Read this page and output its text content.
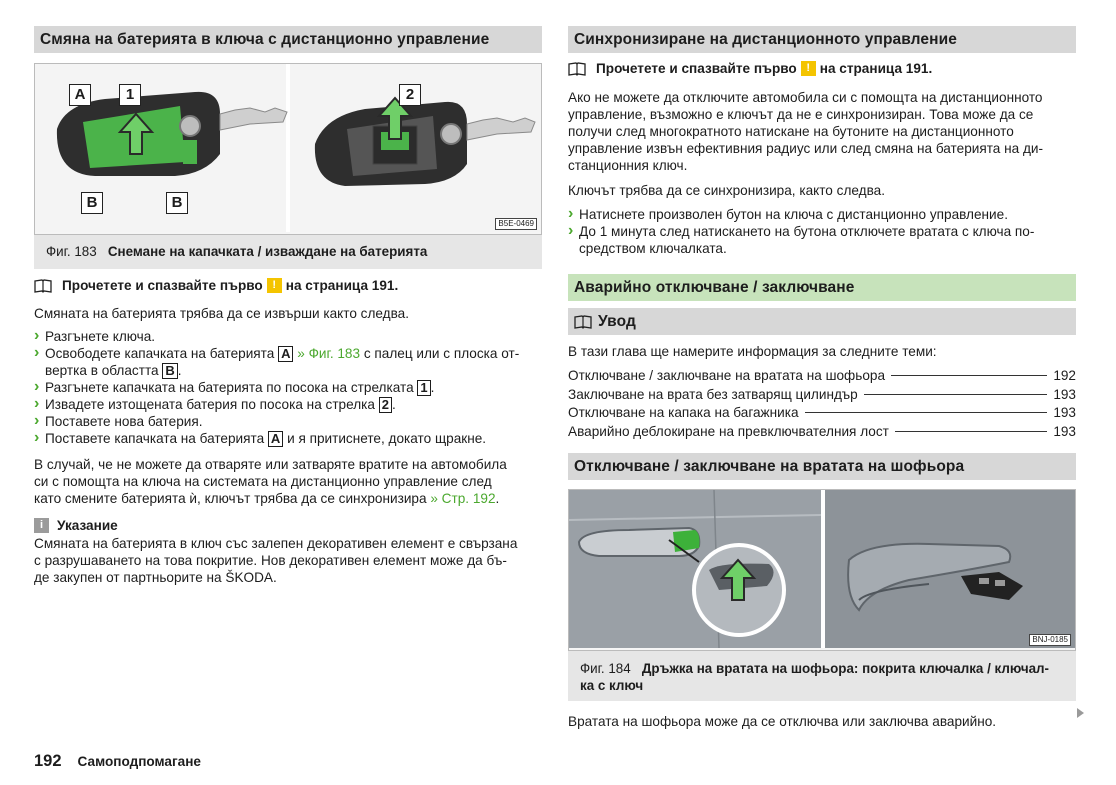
Смяна на батерията в ключа с дистанционно управление
A	1
B	B
2
B5E-0469
Фиг. 183 Снемане на капачката / изваждане на батерията
Прочетете и спазвайте първо ! на страница 191.

Смяната на батерията трябва да се извърши както следва.

› Разгънете ключа.
› Освободете капачката на батерията A » Фиг. 183 с палец или с плоска от-
вертка в областта B .
› Разгънете капачката на батерията по посока на стрелката 1 .
› Извадете изтощената батерия по посока на стрелка 2 .
› Поставете нова батерия.
› Поставете капачката на батерията A и я притиснете, докато щракне.

В случай, че не можете да отваряте или затваряте вратите на автомобила
си с помощта на ключа на системата на дистанционно управление след
като смените батерията ѝ, ключът трябва да се синхронизира » Стр. 192.

i	Указание

Смяната на батерията в ключ със залепен декоративен елемент е свързана
с разрушаването на това покритие. Нов декоративен елемент може да бъ-
де закупен от партньорите на ŠKODA.

Синхронизиране на дистанционното управление
Прочетете и спазвайте първо ! на страница 191.

Ако не можете да отключите автомобила си с помощта на дистанционното
управление, възможно е ключът да не е синхронизиран. Това може да се
получи след многократното натискане на бутоните на дистанционното
управление извън ефективния радиус или след смяна на батерията на ди-
станционния ключ.

Ключът трябва да се синхронизира, както следва.

› Натиснете произволен бутон на ключа с дистанционно управление.
› До 1 минута след натискането на бутона отключете вратата с ключа по-
средством ключалката.
Аварийно отключване / заключване
Увод

В тази глава ще намерите информация за следните теми:

Отключване / заключване на вратата на шофьора	192
Заключване на врата без затварящ цилиндър	193
Отключване на капака на багажника	193
Аварийно деблокиране на превключвателния лост	193
Отключване / заключване на вратата на шофьора
BNJ-0185
Фиг. 184 Дръжка на вратата на шофьора: покрита ключалка / ключал-
ка с ключ

Вратата на шофьора може да се отключва или заключва аварийно.

192 Самоподпомагане
